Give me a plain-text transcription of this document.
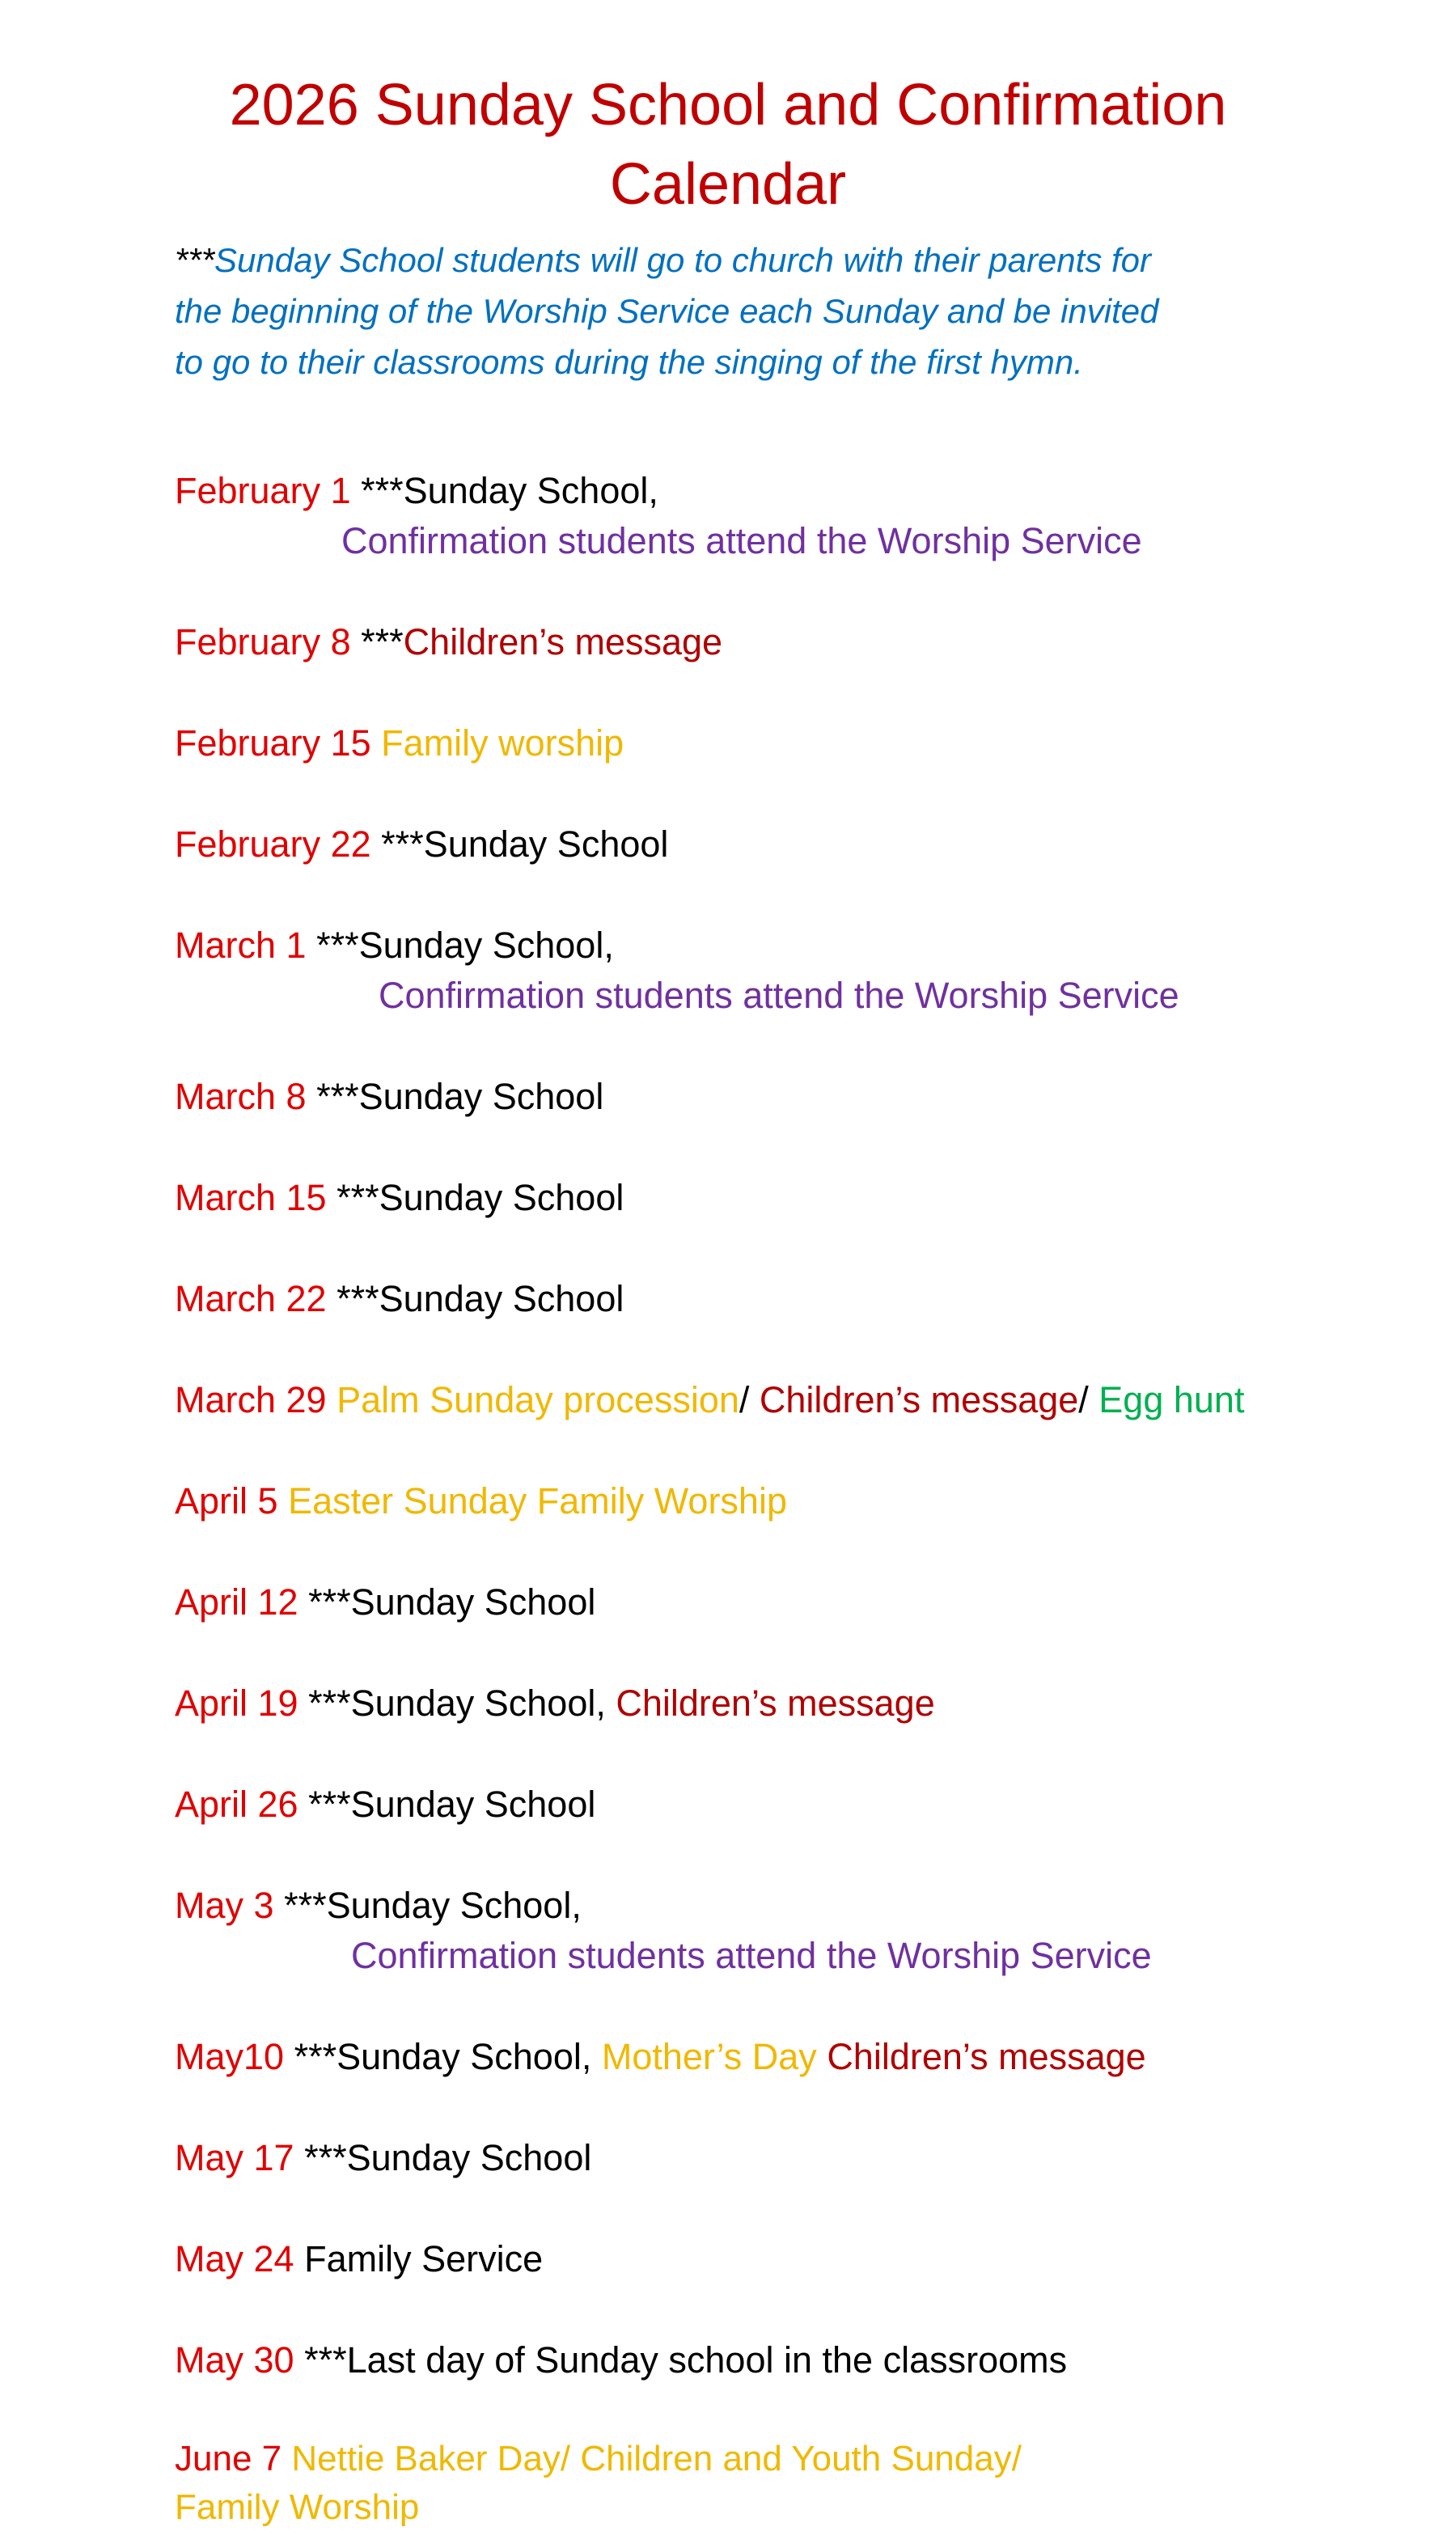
2026 Sunday School and Confirmation
Calendar

***Sunday School students will go to church with their parents for
the beginning of the Worship Service each Sunday and be invited
to go to their classrooms during the singing of the first hymn.

February 1 ***Sunday School,
Confirmation students attend the Worship Service
February 8 ***Children’s message
February 15 Family worship
February 22 ***Sunday School
March 1 ***Sunday School,
Confirmation students attend the Worship Service
March 8 ***Sunday School
March 15 ***Sunday School
March 22 ***Sunday School
March 29 Palm Sunday procession/ Children’s message/ Egg hunt
April 5 Easter Sunday Family Worship
April 12 ***Sunday School
April 19 ***Sunday School, Children’s message
April 26 ***Sunday School
May 3 ***Sunday School,
Confirmation students attend the Worship Service
May10 ***Sunday School, Mother’s Day Children’s message
May 17 ***Sunday School
May 24 Family Service
May 30 ***Last day of Sunday school in the classrooms
June 7 Nettie Baker Day/ Children and Youth Sunday/
Family Worship
